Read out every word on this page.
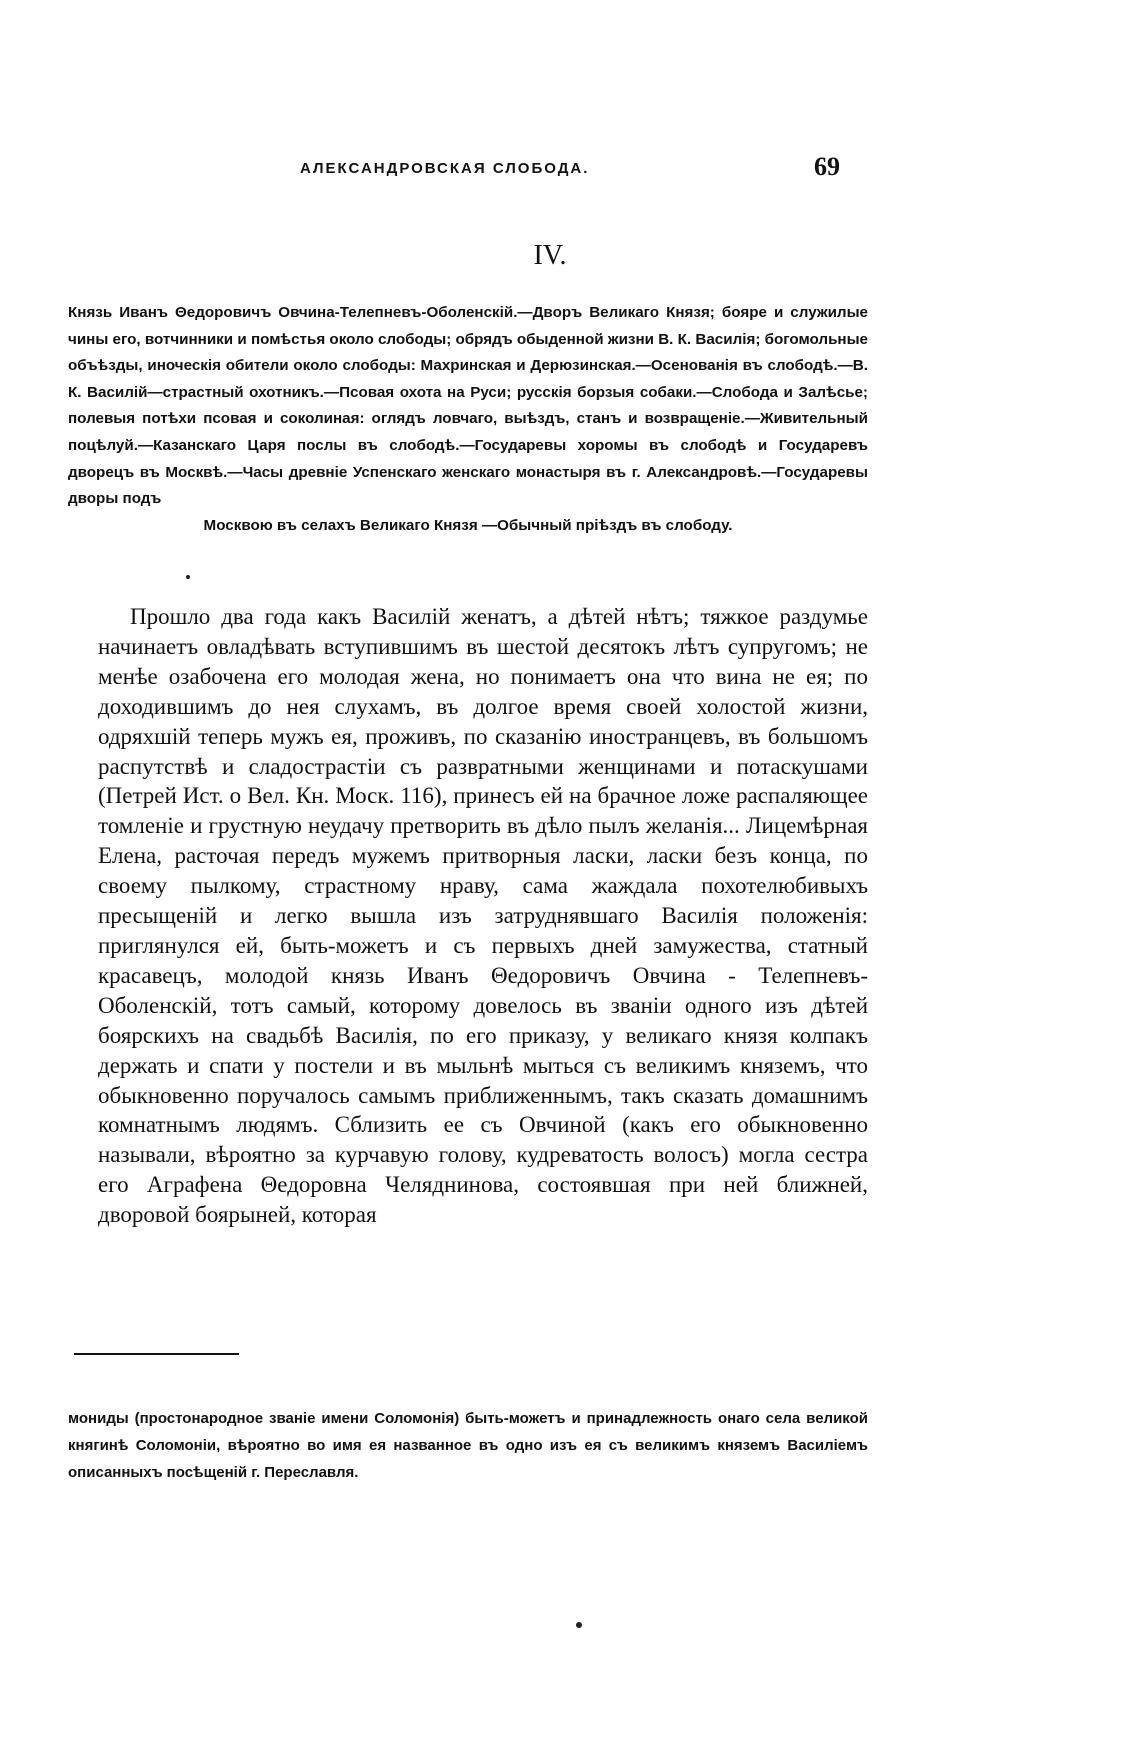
АЛЕКСАНДРОВСКАЯ СЛОБОДА.	69
IV.
Князь Иванъ Θедоровичъ Овчина-Телепневъ-Оболенскій.—Дворъ Великаго Князя; бояре и служилые чины его, вотчинники и помѣстья около слободы; обрядъ обыденной жизни В. К. Василія; богомольные объѣзды, иноческія обители около слободы: Махринская и Дерюзинская.—Осенованія въ слободѣ.—В. К. Василій—страстный охотникъ.—Псовая охота на Руси; русскія борзыя собаки.—Слобода и Залѣсье; полевыя потѣхи псовая и соколиная: оглядъ ловчаго, выѣздъ, станъ и возвращеніе.—Живительный поцѣлуй.—Казанскаго Царя послы въ слободѣ.—Государевы хоромы въ слободѣ и Государевъ дворецъ въ Москвѣ.—Часы древніе Успенскаго женскаго монастыря въ г. Александровѣ.—Государевы дворы подъ
Москвою въ селахъ Великаго Князя —Обычный пріѣздъ въ слободу.

Прошло два года какъ Василій женатъ, а дѣтей нѣтъ; тяжкое раздумье начинаетъ овладѣвать вступившимъ въ шестой десятокъ лѣтъ супругомъ; не менѣе озабочена его молодая жена, но понимаетъ она что вина не ея; по доходившимъ до нея слухамъ, въ долгое время своей холостой жизни, одряхшій теперь мужъ ея, проживъ, по сказанію иностранцевъ, въ большомъ распутствѣ и сладострастіи съ развратными женщинами и потаскушами (Петрей Ист. о Вел. Кн. Моск. 116), принесъ ей на брачное ложе распаляющее томленіе и грустную неудачу претворить въ дѣло пылъ желанія... Лицемѣрная Елена, расточая передъ мужемъ притворныя ласки, ласки безъ конца, по своему пылкому, страстному нраву, сама жаждала похотелюбивыхъ пресыщеній и легко вышла изъ затруднявшаго Василія положенія: приглянулся ей, быть-можетъ и съ первыхъ дней замужества, статный красавецъ, молодой князь Иванъ Θедоровичъ Овчина - Телепневъ-Оболенскій, тотъ самый, которому довелось въ званіи одного изъ дѣтей боярскихъ на свадьбѣ Василія, по его приказу, у великаго князя колпакъ держать и спати у постели и въ мыльнѣ мыться съ великимъ княземъ, что обыкновенно поручалось самымъ приближеннымъ, такъ сказать домашнимъ комнатнымъ людямъ. Сблизить ее съ Овчиной (какъ его обыкновенно называли, вѣроятно за курчавую голову, кудреватость волосъ) могла сестра его Аграфена Θедоровна Челяднинова, состоявшая при ней ближней, дворовой боярыней, которая

мониды (простонародное званіе имени Соломонія) быть-можетъ и принадлежность онаго села великой княгинѣ Соломоніи, вѣроятно во имя ея названное въ одно изъ ея съ великимъ княземъ Василіемъ описанныхъ посѣщеній г. Переславля.
